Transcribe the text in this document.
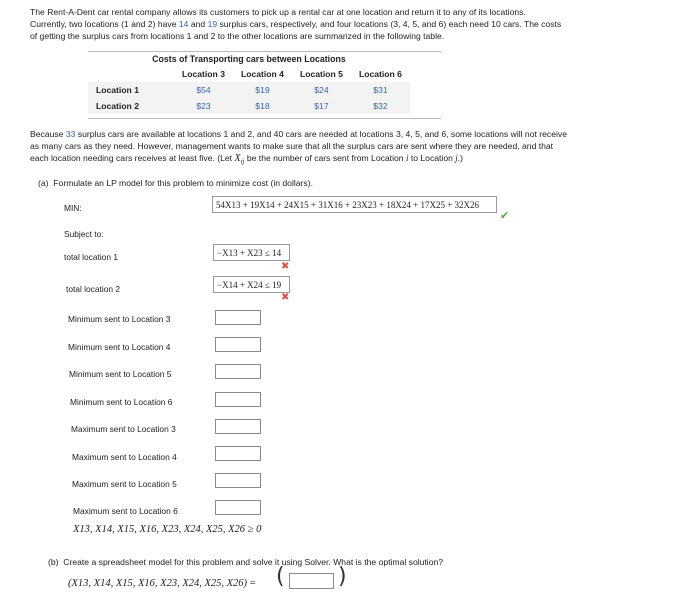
The Rent-A-Dent car rental company allows its customers to pick up a rental car at one location and return it to any of its locations.
Currently, two locations (1 and 2) have 14 and 19 surplus cars, respectively, and four locations (3, 4, 5, and 6) each need 10 cars. The costs
of getting the surplus cars from locations 1 and 2 to the other locations are summarized in the following table.
Costs of Transporting cars between Locations
	Location 3	Location 4	Location 5	Location 6
Location 1	$54	$19	$24	$31
Location 2	$23	$18	$17	$32
Because 33 surplus cars are available at locations 1 and 2, and 40 cars are needed at locations 3, 4, 5, and 6, some locations will not receive
as many cars as they need. However, management wants to make sure that all the surplus cars are sent where they are needed, and that
each location needing cars receives at least five. (Let $X_{ij}$ be the number of cars sent from Location i to Location j.)
(a) Formulate an LP model for this problem to minimize cost (in dollars).
MIN:	54X13 + 19X14 + 24X15 + 31X16 + 23X23 + 18X24 + 17X25 + 32X26
✔
Subject to:
total location 1	−X13 + X23 ≤ 14
✖
total location 2	−X14 + X24 ≤ 19
✖
Minimum sent to Location 3
Minimum sent to Location 4
Minimum sent to Location 5
Minimum sent to Location 6
Maximum sent to Location 3
Maximum sent to Location 4
Maximum sent to Location 5
Maximum sent to Location 6
X13, X14, X15, X16, X23, X24, X25, X26 ≥ 0
(b) Create a spreadsheet model for this problem and solve it using Solver. What is the optimal solution?
(X13, X14, X15, X16, X23, X24, X25, X26) = ( )
